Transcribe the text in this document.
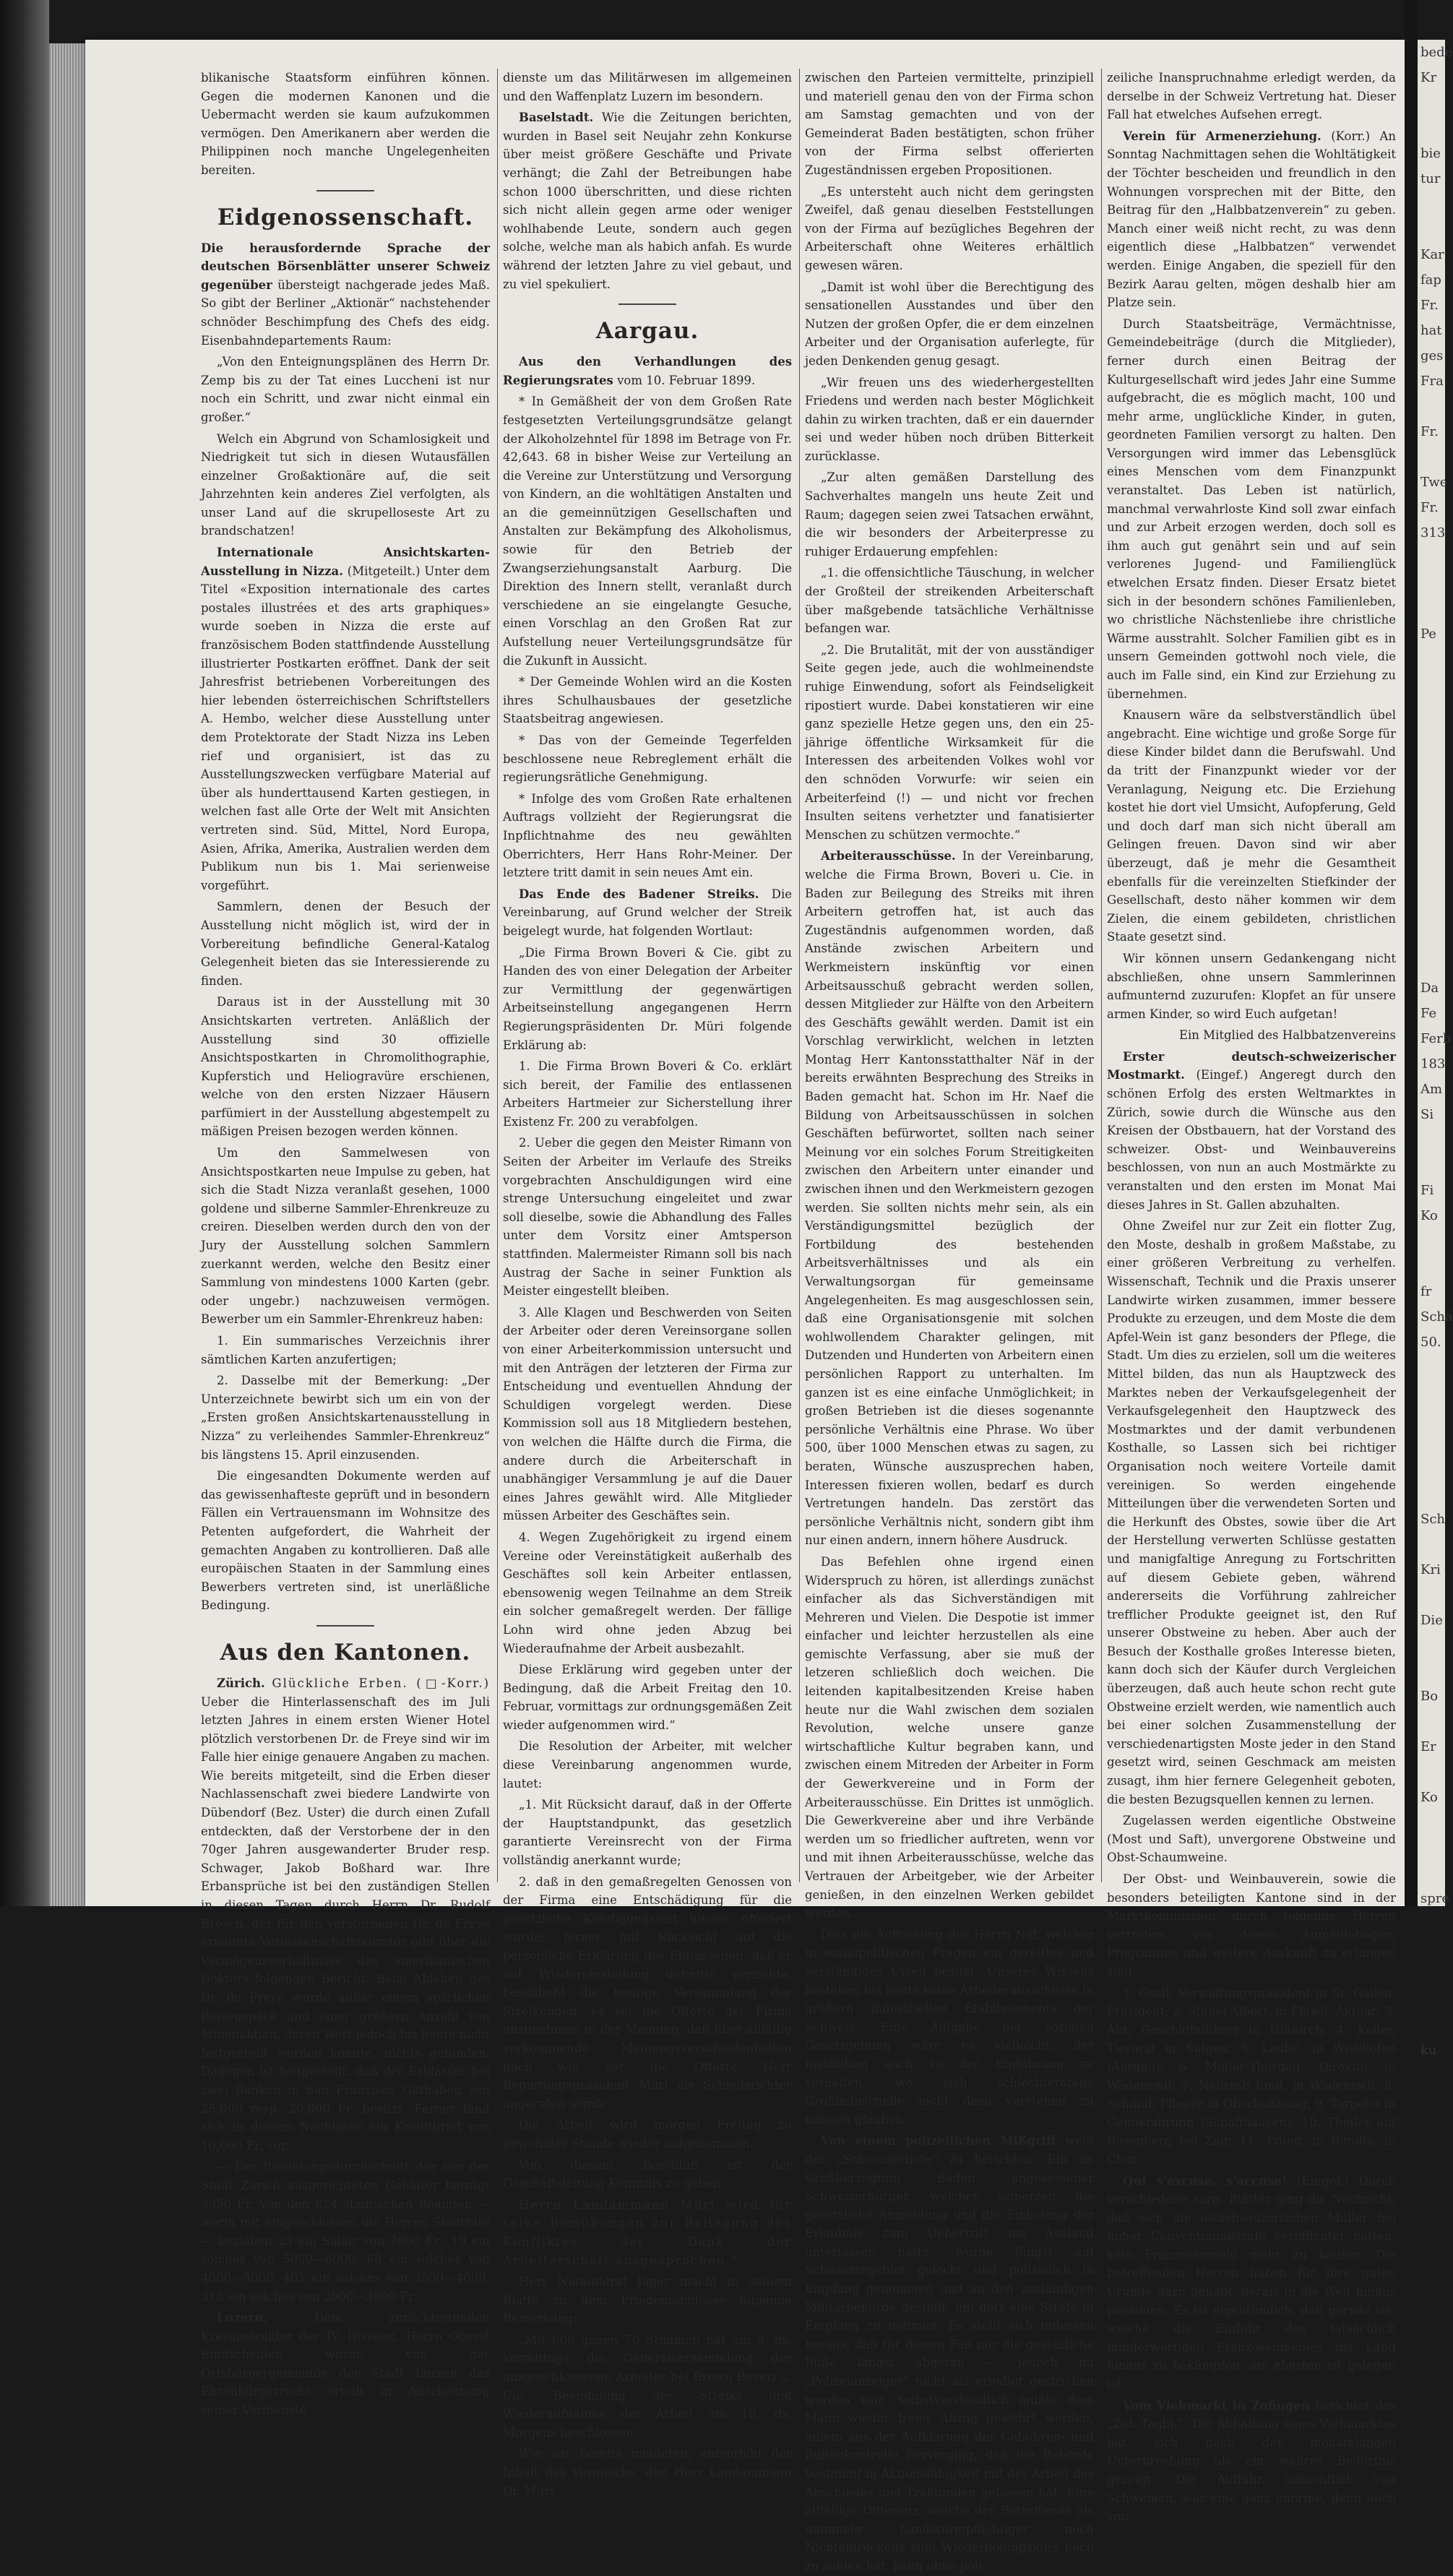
bede
Kr

bie
tur

Kar
fap
Fr.
hat
ges
Fra

Fr.

Twe
Fr.
313

Pe

Da
Fe
Ferb
183
Am
Si

Fi
Ko

fr
Schä
50.

Sch

Kri

Die

Bo

Er

Ko

spre

ku

blikanische Staatsform einführen können. Gegen die modernen Kanonen und die Uebermacht werden sie kaum aufzukommen vermögen. Den Amerikanern aber werden die Philippinen noch manche Ungelegenheiten bereiten.

Eidgenossenschaft.

Die herausfordernde Sprache der deutschen Börsenblätter unserer Schweiz gegenüber übersteigt nachgerade jedes Maß. So gibt der Berliner „Aktionär“ nachstehender schnöder Beschimpfung des Chefs des eidg. Eisenbahndepartements Raum:

„Von den Enteignungsplänen des Herrn Dr. Zemp bis zu der Tat eines Luccheni ist nur noch ein Schritt, und zwar nicht einmal ein großer.“

Welch ein Abgrund von Schamlosigkeit und Niedrigkeit tut sich in diesen Wutausfällen einzelner Großaktionäre auf, die seit Jahrzehnten kein anderes Ziel verfolgten, als unser Land auf die skrupelloseste Art zu brandschatzen!

Internationale Ansichtskarten-Ausstellung in Nizza. (Mitgeteilt.) Unter dem Titel «Exposition internationale des cartes postales illustrées et des arts graphiques» wurde soeben in Nizza die erste auf französischem Boden stattfindende Ausstellung illustrierter Postkarten eröffnet. Dank der seit Jahresfrist betriebenen Vorbereitungen des hier lebenden österreichischen Schriftstellers A. Hembo, welcher diese Ausstellung unter dem Protektorate der Stadt Nizza ins Leben rief und organisiert, ist das zu Ausstellungszwecken verfügbare Material auf über als hunderttausend Karten gestiegen, in welchen fast alle Orte der Welt mit Ansichten vertreten sind. Süd, Mittel, Nord Europa, Asien, Afrika, Amerika, Australien werden dem Publikum nun bis 1. Mai serienweise vorgeführt.

Sammlern, denen der Besuch der Ausstellung nicht möglich ist, wird der in Vorbereitung befindliche General-Katalog Gelegenheit bieten das sie Interessierende zu finden.

Daraus ist in der Ausstellung mit 30 Ansichtskarten vertreten. Anläßlich der Ausstellung sind 30 offizielle Ansichtspostkarten in Chromolithographie, Kupferstich und Heliogravüre erschienen, welche von den ersten Nizzaer Häusern parfümiert in der Ausstellung abgestempelt zu mäßigen Preisen bezogen werden können.

Um den Sammelwesen von Ansichtspostkarten neue Impulse zu geben, hat sich die Stadt Nizza veranlaßt gesehen, 1000 goldene und silberne Sammler-Ehrenkreuze zu creiren. Dieselben werden durch den von der Jury der Ausstellung solchen Sammlern zuerkannt werden, welche den Besitz einer Sammlung von mindestens 1000 Karten (gebr. oder ungebr.) nachzuweisen vermögen. Bewerber um ein Sammler-Ehrenkreuz haben:

1. Ein summarisches Verzeichnis ihrer sämtlichen Karten anzufertigen;

2. Dasselbe mit der Bemerkung: „Der Unterzeichnete bewirbt sich um ein von der „Ersten großen Ansichtskartenausstellung in Nizza“ zu verleihendes Sammler-Ehrenkreuz“ bis längstens 15. April einzusenden.

Die eingesandten Dokumente werden auf das gewissenhafteste geprüft und in besondern Fällen ein Vertrauensmann im Wohnsitze des Petenten aufgefordert, die Wahrheit der gemachten Angaben zu kontrollieren. Daß alle europäischen Staaten in der Sammlung eines Bewerbers vertreten sind, ist unerläßliche Bedingung.

Aus den Kantonen.

Zürich. Glückliche Erben. (□-Korr.) Ueber die Hinterlassenschaft des im Juli letzten Jahres in einem ersten Wiener Hotel plötzlich verstorbenen Dr. de Freye sind wir im Falle hier einige genauere Angaben zu machen. Wie bereits mitgeteilt, sind die Erben dieser Nachlassenschaft zwei biedere Landwirte von Dübendorf (Bez. Uster) die durch einen Zufall entdeckten, daß der Verstorbene der in den 70ger Jahren ausgewanderter Bruder resp. Schwager, Jakob Boßhard war. Ihre Erbansprüche ist bei den zuständigen Stellen in diesen Tagen durch Herrn Dr. Rudolf Brosch, der für den verstorbenen Dr. de Freye ernannte Verlassenschaftskurator gibt über die Vermögensverhältnisse des amerikanischen Doktors folgenden Bericht: Beim Ableben des Dr. de Freye wurde außer einem spärlichen Reisegepäck und einer größern Anzahl von Minenaktien, deren Wert jedoch bis heute nicht festgestellt werden konnte, nichts gefunden. Dagegen ist festgestellt, daß der Erblasser bei zwei Banken in San Francisco Guthaben von 25,000 resp. 20,000 Fr. besitzt. Ferner fand sich in dessen Nachlasse ein Kreditbrief von 10,000 Fr. vor.

— Der Besoldungsdurchschnitt der von der Stadt Zürich ausgerichteten Gehälter beträgt 3350 Fr. Von den 824 städtischen Beamten — worin mit eingeschlossen die Herren Stadträte — beziehen 23 ein Salair von 7000 Fr., 19 ein solches von 5000—6000, 68 ein solches von 4000—5000, 401 ein solches von 3000—4000, 313 ein solches von 2000—3000 Fr.

Luzern.	Dem zurücktretenden Kreisinstruktor der IV. Division, Herrn Oberst Bindschedler, wurde von der Ortsbürgergemeinde der Stadt Luzern das Ehrenbürgerrecht erteilt in Anerkennung seiner Verdienste

dienste um das Militärwesen im allgemeinen und den Waffenplatz Luzern im besondern.

Baselstadt. Wie die Zeitungen berichten, wurden in Basel seit Neujahr zehn Konkurse über meist größere Geschäfte und Private verhängt; die Zahl der Betreibungen habe schon 1000 überschritten, und diese richten sich nicht allein gegen arme oder weniger wohlhabende Leute, sondern auch gegen solche, welche man als habich anfah. Es wurde während der letzten Jahre zu viel gebaut, und zu viel spekuliert.

Aargau.

Aus den Verhandlungen des Regierungsrates vom 10. Februar 1899.

* In Gemäßheit der von dem Großen Rate festgesetzten Verteilungsgrundsätze gelangt der Alkoholzehntel für 1898 im Betrage von Fr. 42,643. 68 in bisher Weise zur Verteilung an die Vereine zur Unterstützung und Versorgung von Kindern, an die wohltätigen Anstalten und an die gemeinnützigen Gesellschaften und Anstalten zur Bekämpfung des Alkoholismus, sowie für den Betrieb der Zwangserziehungsanstalt Aarburg. Die Direktion des Innern stellt, veranlaßt durch verschiedene an sie eingelangte Gesuche, einen Vorschlag an den Großen Rat zur Aufstellung neuer Verteilungsgrundsätze für die Zukunft in Aussicht.

* Der Gemeinde Wohlen wird an die Kosten ihres Schulhausbaues der gesetzliche Staatsbeitrag angewiesen.

* Das von der Gemeinde Tegerfelden beschlossene neue Rebreglement erhält die regierungsrätliche Genehmigung.

* Infolge des vom Großen Rate erhaltenen Auftrags vollzieht der Regierungsrat die Inpflichtnahme des neu gewählten Oberrichters, Herr Hans Rohr-Meiner. Der letztere tritt damit in sein neues Amt ein.

Das Ende des Badener Streiks. Die Vereinbarung, auf Grund welcher der Streik beigelegt wurde, hat folgenden Wortlaut:

„Die Firma Brown Boveri & Cie. gibt zu Handen des von einer Delegation der Arbeiter zur Vermittlung der gegenwärtigen Arbeitseinstellung angegangenen Herrn Regierungspräsidenten Dr. Müri folgende Erklärung ab:

1. Die Firma Brown Boveri & Co. erklärt sich bereit, der Familie des entlassenen Arbeiters Hartmeier zur Sicherstellung ihrer Existenz Fr. 200 zu verabfolgen.

2. Ueber die gegen den Meister Rimann von Seiten der Arbeiter im Verlaufe des Streiks vorgebrachten Anschuldigungen wird eine strenge Untersuchung eingeleitet und zwar soll dieselbe, sowie die Abhandlung des Falles unter dem Vorsitz einer Amtsperson stattfinden. Malermeister Rimann soll bis nach Austrag der Sache in seiner Funktion als Meister eingestellt bleiben.

3. Alle Klagen und Beschwerden von Seiten der Arbeiter oder deren Vereinsorgane sollen von einer Arbeiterkommission untersucht und mit den Anträgen der letzteren der Firma zur Entscheidung und eventuellen Ahndung der Schuldigen vorgelegt werden. Diese Kommission soll aus 18 Mitgliedern bestehen, von welchen die Hälfte durch die Firma, die andere durch die Arbeiterschaft in unabhängiger Versammlung je auf die Dauer eines Jahres gewählt wird. Alle Mitglieder müssen Arbeiter des Geschäftes sein.

4. Wegen Zugehörigkeit zu irgend einem Vereine oder Vereinstätigkeit außerhalb des Geschäftes soll kein Arbeiter entlassen, ebensowenig wegen Teilnahme an dem Streik ein solcher gemaßregelt werden. Der fällige Lohn wird ohne jeden Abzug bei Wiederaufnahme der Arbeit ausbezahlt.

Diese Erklärung wird gegeben unter der Bedingung, daß die Arbeit Freitag den 10. Februar, vormittags zur ordnungsgemäßen Zeit wieder aufgenommen wird.“

Die Resolution der Arbeiter, mit welcher diese Vereinbarung angenommen wurde, lautet:

„1. Mit Rücksicht darauf, daß in der Offerte der Hauptstandpunkt, das gesetzlich garantierte Vereinsrecht von der Firma vollständig anerkannt wurde;

2. daß in den gemaßregelten Genossen von der Firma eine Entschädigung für die gesetzliche Kündigungszeit hinaus offeriert wurde; ferner mit Rücksicht auf die persönliche Erklärung des Entlassenen, daß er auf Wiedereinstellung definitiv verzichte, beschließt die heutige Versammlung der Streikenden, es sei die Offerte der Firma anzunehmen in der Meinung, daß über allfällig vorkommende Meinungsverschiedenheiten nach wie vor die Offerte Herr Regierungspräsident Müri als Schiedsrichter angerufen würde.

Die Arbeit wird morgen Freitag zu gewohnter Stunde wieder aufgenommen.

Von diesem Beschluß ist der Geschäftsleitung Kenntnis zu geben.

Herrn Landammann Müri wird für seine Bemühungen zur Beilegung des Konfliktes der Dank der Arbeiterschaft ausgesprochen.“

Herr Nationalrat Jäger macht in seinem Blatte zu dem Friedensschlusse folgende Bemerkung:

„Mit 600 gegen 70 Stimmen hat am 9. ds. Vormittags die Generalversammlung der ausgeschlossenen Arbeiter bei Brown Boveri u. Cie. Beendigung des Streiks und Wiederaufnahme der Arbeit am 10. ds. Morgens beschlossen.

Wie wir bereits meldeten, entspricht der Inhalt des Vergleichs, den Herr Landammann Dr. Müri

zwischen den Parteien vermittelte, prinzipiell und materiell genau den von der Firma schon am Samstag gemachten und von der Gemeinderat Baden bestätigten, schon früher von der Firma selbst offerierten Zugeständnissen ergeben Propositionen.

„Es untersteht auch nicht dem geringsten Zweifel, daß genau dieselben Feststellungen von der Firma auf bezügliches Begehren der Arbeiterschaft ohne Weiteres erhältlich gewesen wären.

„Damit ist wohl über die Berechtigung des sensationellen Ausstandes und über den Nutzen der großen Opfer, die er dem einzelnen Arbeiter und der Organisation auferlegte, für jeden Denkenden genug gesagt.

„Wir freuen uns des wiederhergestellten Friedens und werden nach bester Möglichkeit dahin zu wirken trachten, daß er ein dauernder sei und weder hüben noch drüben Bitterkeit zurücklasse.

„Zur alten gemäßen Darstellung des Sachverhaltes mangeln uns heute Zeit und Raum; dagegen seien zwei Tatsachen erwähnt, die wir besonders der Arbeiterpresse zu ruhiger Erdauerung empfehlen:

„1. die offensichtliche Täuschung, in welcher der Großteil der streikenden Arbeiterschaft über maßgebende tatsächliche Verhältnisse befangen war.

„2. Die Brutalität, mit der von ausständiger Seite gegen jede, auch die wohlmeinendste ruhige Einwendung, sofort als Feindseligkeit ripostiert wurde. Dabei konstatieren wir eine ganz spezielle Hetze gegen uns, den ein 25-jährige öffentliche Wirksamkeit für die Interessen des arbeitenden Volkes wohl vor den schnöden Vorwurfe: wir seien ein Arbeiterfeind (!) — und nicht vor frechen Insulten seitens verhetzter und fanatisierter Menschen zu schützen vermochte.“

Arbeiterausschüsse. In der Vereinbarung, welche die Firma Brown, Boveri u. Cie. in Baden zur Beilegung des Streiks mit ihren Arbeitern getroffen hat, ist auch das Zugeständnis aufgenommen worden, daß Anstände zwischen Arbeitern und Werkmeistern inskünftig vor einen Arbeitsausschuß gebracht werden sollen, dessen Mitglieder zur Hälfte von den Arbeitern des Geschäfts gewählt werden. Damit ist ein Vorschlag verwirklicht, welchen in letzten Montag Herr Kantonsstatthalter Näf in der bereits erwähnten Besprechung des Streiks in Baden gemacht hat. Schon im Hr. Naef die Bildung von Arbeitsausschüssen in solchen Geschäften befürwortet, sollten nach seiner Meinung vor ein solches Forum Streitigkeiten zwischen den Arbeitern unter einander und zwischen ihnen und den Werkmeistern gezogen werden. Sie sollten nichts mehr sein, als ein Verständigungsmittel bezüglich der Fortbildung des bestehenden Arbeitsverhältnisses und als ein Verwaltungsorgan für gemeinsame Angelegenheiten. Es mag ausgeschlossen sein, daß eine Organisationsgenie mit solchen wohlwollendem Charakter gelingen, mit Dutzenden und Hunderten von Arbeitern einen persönlichen Rapport zu unterhalten. Im ganzen ist es eine einfache Unmöglichkeit; in großen Betrieben ist die dieses sogenannte persönliche Verhältnis eine Phrase. Wo über 500, über 1000 Menschen etwas zu sagen, zu beraten, Wünsche auszusprechen haben, Interessen fixieren wollen, bedarf es durch Vertretungen handeln. Das zerstört das persönliche Verhältnis nicht, sondern gibt ihm nur einen andern, innern höhere Ausdruck.

Das Befehlen ohne irgend einen Widerspruch zu hören, ist allerdings zunächst einfacher als das Sichverständigen mit Mehreren und Vielen. Die Despotie ist immer einfacher und leichter herzustellen als eine gemischte Verfassung, aber sie muß der letzeren schließlich doch weichen. Die leitenden kapitalbesitzenden Kreise haben heute nur die Wahl zwischen dem sozialen Revolution, welche unsere ganze wirtschaftliche Kultur begraben kann, und zwischen einem Mitreden der Arbeiter in Form der Gewerkvereine und in Form der Arbeiterausschüsse. Ein Drittes ist unmöglich. Die Gewerkvereine aber und ihre Verbände werden um so friedlicher auftreten, wenn vor und mit ihnen Arbeiterausschüsse, welche das Vertrauen der Arbeitgeber, wie der Arbeiter genießen, in den einzelnen Werken gebildet werden.

Dies die Auffassung des Herrn Näf, welcher in sozialpolitischen Fragen ein gereiftes und verständiges Urteil besitzt. Unseres Wissens bestehen bis heute keine Arbeiterausschüsse in größern industriellen Etablissements der Schweiz. Eine Aufgabe der sozialen Gesetzgebung wäre es vielleicht, der Institution auch zu der Einführung zu verhelfen, wo sich schlechteratene Großindustrielle nicht dazu verstehen zu müssen glauben.

Von einem polizeilichen Mißgriff weiß der „Schweizerbote“ zu berichten. Ein im Großherzogtum Baden angesessener Schweizerbürger, welcher seinerzeit die gesetzliche Anmeldung und die Einholung der Erlaubnis zum Uebertritt ins Ausland unterlassen hatte, wurde jüngst auf Schweizergebiet gelockt und polizeilich in Empfang genommen und an den zuständigen Militärbehörde gestellt, um dort eine Strafe in Empfang zu nehmen. Es stellt sich indessen heraus, daß für diesen Fall nur die gesetzliche Buße längst abgetan — jedoch im „Polizeianzeiger“ nicht als erledigt gestrichen worden war. Selbstverständlich mußte dem Mann wieder freier Abzug gewährt werden, indem aus der Aufklärung der Gebühren- und Bußenkontrolle hervorging, daß die Behörde bestimmt in Aktionsfähigkeit mit der Arbeit des Abschiedes und Traktanden gelassen hat. Eine allfällige Differenz, welche der Betreffende als nummehr Landstürmpflichtiger noch Nichteinrückens zum Wiederholungskurs noch zu zahlen hat, kann ohne poli-

zeiliche Inanspruchnahme erledigt werden, da derselbe in der Schweiz Vertretung hat. Dieser Fall hat etwelches Aufsehen erregt.

Verein für Armenerziehung. (Korr.) An Sonntag Nachmittagen sehen die Wohltätigkeit der Töchter bescheiden und freundlich in den Wohnungen vorsprechen mit der Bitte, den Beitrag für den „Halbbatzenverein“ zu geben. Manch einer weiß nicht recht, zu was denn eigentlich diese „Halbbatzen“ verwendet werden. Einige Angaben, die speziell für den Bezirk Aarau gelten, mögen deshalb hier am Platze sein.

Durch Staatsbeiträge, Vermächtnisse, Gemeindebeiträge (durch die Mitglieder), ferner durch einen Beitrag der Kulturgesellschaft wird jedes Jahr eine Summe aufgebracht, die es möglich macht, 100 und mehr arme, unglückliche Kinder, in guten, geordneten Familien versorgt zu halten. Den Versorgungen wird immer das Lebensglück eines Menschen vom dem Finanzpunkt veranstaltet. Das Leben ist natürlich, manchmal verwahrloste Kind soll zwar einfach und zur Arbeit erzogen werden, doch soll es ihm auch gut genährt sein und auf sein verlorenes Jugend- und Familienglück etwelchen Ersatz finden. Dieser Ersatz bietet sich in der besondern schönes Familienleben, wo christliche Nächstenliebe ihre christliche Wärme ausstrahlt. Solcher Familien gibt es in unsern Gemeinden gottwohl noch viele, die auch im Falle sind, ein Kind zur Erziehung zu übernehmen.

Knausern wäre da selbstverständlich übel angebracht. Eine wichtige und große Sorge für diese Kinder bildet dann die Berufswahl. Und da tritt der Finanzpunkt wieder vor der Veranlagung, Neigung etc. Die Erziehung kostet hie dort viel Umsicht, Aufopferung, Geld und doch darf man sich nicht überall am Gelingen freuen. Davon sind wir aber überzeugt, daß je mehr die Gesamtheit ebenfalls für die vereinzelten Stiefkinder der Gesellschaft, desto näher kommen wir dem Zielen, die einem gebildeten, christlichen Staate gesetzt sind.

Wir können unsern Gedankengang nicht abschließen, ohne unsern Sammlerinnen aufmunternd zuzurufen: Klopfet an für unsere armen Kinder, so wird Euch aufgetan!

Ein Mitglied des Halbbatzenvereins

Erster deutsch-schweizerischer Mostmarkt. (Eingef.) Angeregt durch den schönen Erfolg des ersten Weltmarktes in Zürich, sowie durch die Wünsche aus den Kreisen der Obstbauern, hat der Vorstand des schweizer. Obst- und Weinbauvereins beschlossen, von nun an auch Mostmärkte zu veranstalten und den ersten im Monat Mai dieses Jahres in St. Gallen abzuhalten.

Ohne Zweifel nur zur Zeit ein flotter Zug, den Moste, deshalb in großem Maßstabe, zu einer größeren Verbreitung zu verhelfen. Wissenschaft, Technik und die Praxis unserer Landwirte wirken zusammen, immer bessere Produkte zu erzeugen, und dem Moste die dem Apfel-Wein ist ganz besonders der Pflege, die Stadt. Um dies zu erzielen, soll um die weiteres Mittel bilden, das nun als Hauptzweck des Marktes neben der Verkaufsgelegenheit der Verkaufsgelegenheit den Hauptzweck des Mostmarktes und der damit verbundenen Kosthalle, so Lassen sich bei richtiger Organisation noch weitere Vorteile damit vereinigen. So werden eingehende Mitteilungen über die verwendeten Sorten und die Herkunft des Obstes, sowie über die Art der Herstellung verwerten Schlüsse gestatten und manigfaltige Anregung zu Fortschritten auf diesem Gebiete geben, während andererseits die Vorführung zahlreicher trefflicher Produkte geeignet ist, den Ruf unserer Obstweine zu heben. Aber auch der Besuch der Kosthalle großes Interesse bieten, kann doch sich der Käufer durch Vergleichen überzeugen, daß auch heute schon recht gute Obstweine erzielt werden, wie namentlich auch bei einer solchen Zusammenstellung der verschiedenartigsten Moste jeder in den Stand gesetzt wird, seinen Geschmack am meisten zusagt, ihm hier fernere Gelegenheit geboten, die besten Bezugsquellen kennen zu lernen.

Zugelassen werden eigentliche Obstweine (Most und Saft), unvergorene Obstweine und Obst-Schaumweine.

Der Obst- und Weinbauverein, sowie die besonders beteiligten Kantone sind in der Marktkommission durch folgende Herren vertreten, von denen Anmeldebogen, Programme und weitere Auskunft zu erlangen sind:

1. Gsell, Verwaltungspräsident in St. Gallen, Präsident; 2. Stahel Albert, in Flawil, Aktuar; 3. Abt, Geschäftsführer in Hißkirch; 4. Keller, Tierarzt in Sulgen; 5. Laube, in Wislikofen (Aargau); 6. Müller-Thurgau, Direktor in Wädenswil; 7. Nellstab Emil, in Wädenswil; 8. Schmid, Pfleger in Oberbußnang; 9. Tarpolet in Gennersbrunn (Schaffhausen); 10. Theiler auf Rosenberg bei Zug; 11. Truog, in Bündle, in Chur.

Qui s'excuse, s'accuse! (Eingef.) Durch verschiedene aarg. Blätter ging die Nachricht, daß sich die ostschweizerischen Müller bei hoher Conventionalstrafe verpflichtet hätten, kein Franzosenmehl mehr zu kaufen. Die betreffenden Herren haben für ihre guten Gründe dazu gehabt, derart in die Welt hinaus posaunen. Es ist eigentümlich, daß gerade sie, welche die Einfuhr des tatsächlich minderwertigen Französenmehles ins Land hinaus zu bekämpfen, am ehesten ist gelegen ist.

Vom Viehmarkt in Zofingen berichtet das „Zof. Tagbl.“: Die Abhaltung eines Viehmarktes hat sich nach der monatelangen Unterbrechung als ein wahres Bedürfnis gezeigt. Die Auffuhr, namentlich von Schweinen, war eine ganz enorme, denn auch von
